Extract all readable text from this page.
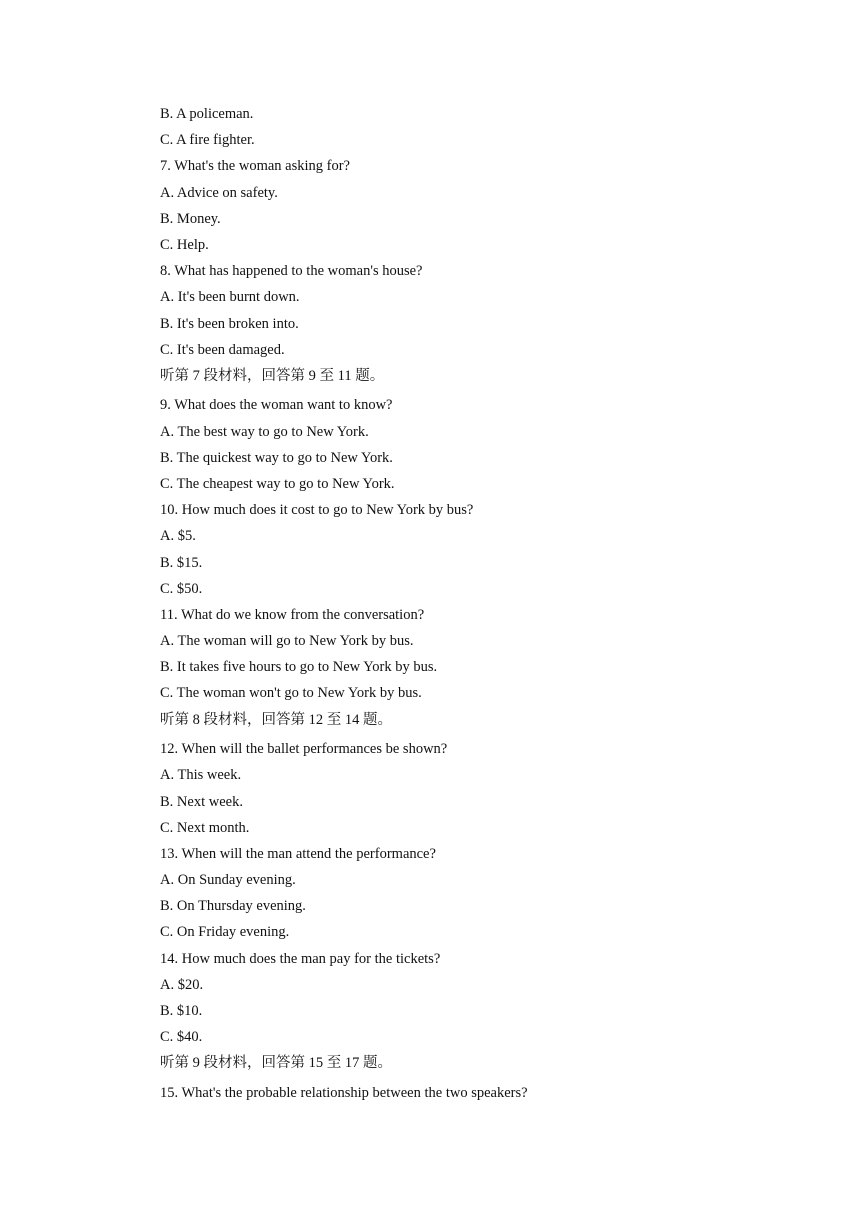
B. A policeman.
C. A fire fighter.
7. What's the woman asking for?
A. Advice on safety.
B. Money.
C. Help.
8. What has happened to the woman's house?
A. It's been burnt down.
B. It's been broken into.
C. It's been damaged.
听第 7 段材料，回答第 9 至 11 题。
9. What does the woman want to know?
A. The best way to go to New York.
B. The quickest way to go to New York.
C. The cheapest way to go to New York.
10. How much does it cost to go to New York by bus?
A. $5.
B. $15.
C. $50.
11. What do we know from the conversation?
A. The woman will go to New York by bus.
B. It takes five hours to go to New York by bus.
C. The woman won't go to New York by bus.
听第 8 段材料，回答第 12 至 14 题。
12. When will the ballet performances be shown?
A. This week.
B. Next week.
C. Next month.
13. When will the man attend the performance?
A. On Sunday evening.
B. On Thursday evening.
C. On Friday evening.
14. How much does the man pay for the tickets?
A. $20.
B. $10.
C. $40.
听第 9 段材料，回答第 15 至 17 题。
15. What's the probable relationship between the two speakers?
